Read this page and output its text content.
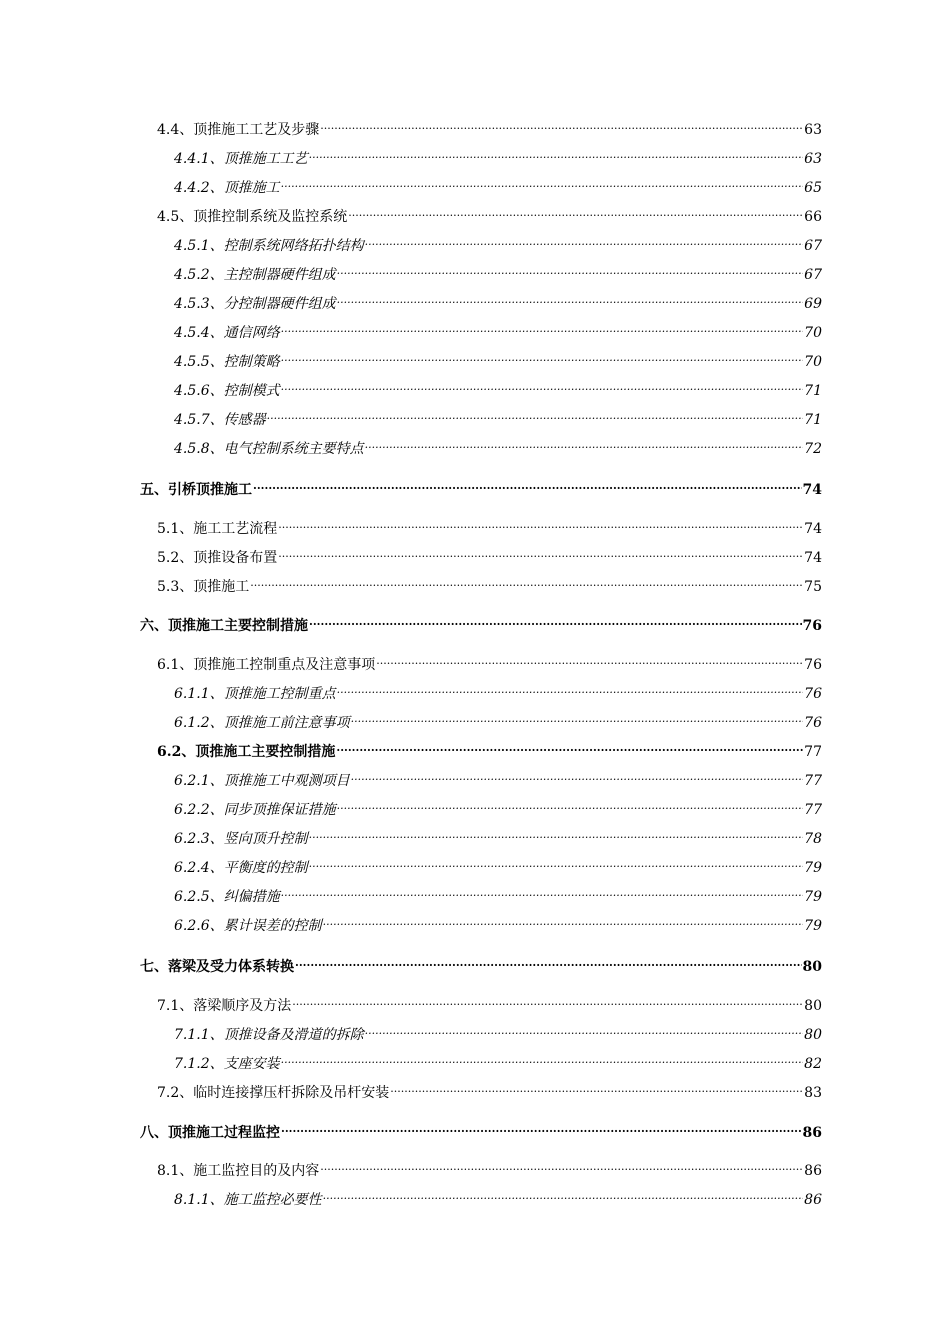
4.4、顶推施工工艺及步骤 .....	63
4.4.1、顶推施工工艺 .....	63
4.4.2、顶推施工 .....	65
4.5、顶推控制系统及监控系统 .....	66
4.5.1、控制系统网络拓扑结构 .....	67
4.5.2、主控制器硬件组成 .....	67
4.5.3、分控制器硬件组成 .....	69
4.5.4、通信网络 .....	70
4.5.5、控制策略 .....	70
4.5.6、控制模式 .....	71
4.5.7、传感器 .....	71
4.5.8、电气控制系统主要特点 .....	72
五、引桥顶推施工 .....	74
5.1、施工工艺流程 .....	74
5.2、顶推设备布置 .....	74
5.3、顶推施工 .....	75
六、顶推施工主要控制措施 .....	76
6.1、顶推施工控制重点及注意事项 .....	76
6.1.1、顶推施工控制重点 .....	76
6.1.2、顶推施工前注意事项 .....	76
6.2、顶推施工主要控制措施 .....	77
6.2.1、顶推施工中观测项目 .....	77
6.2.2、同步顶推保证措施 .....	77
6.2.3、竖向顶升控制 .....	78
6.2.4、平衡度的控制 .....	79
6.2.5、纠偏措施 .....	79
6.2.6、累计误差的控制 .....	79
七、落梁及受力体系转换 .....	80
7.1、落梁顺序及方法 .....	80
7.1.1、顶推设备及滑道的拆除 .....	80
7.1.2、支座安装 .....	82
7.2、临时连接撑压杆拆除及吊杆安装 .....	83
八、顶推施工过程监控 .....	86
8.1、施工监控目的及内容 .....	86
8.1.1、施工监控必要性 .....	86
